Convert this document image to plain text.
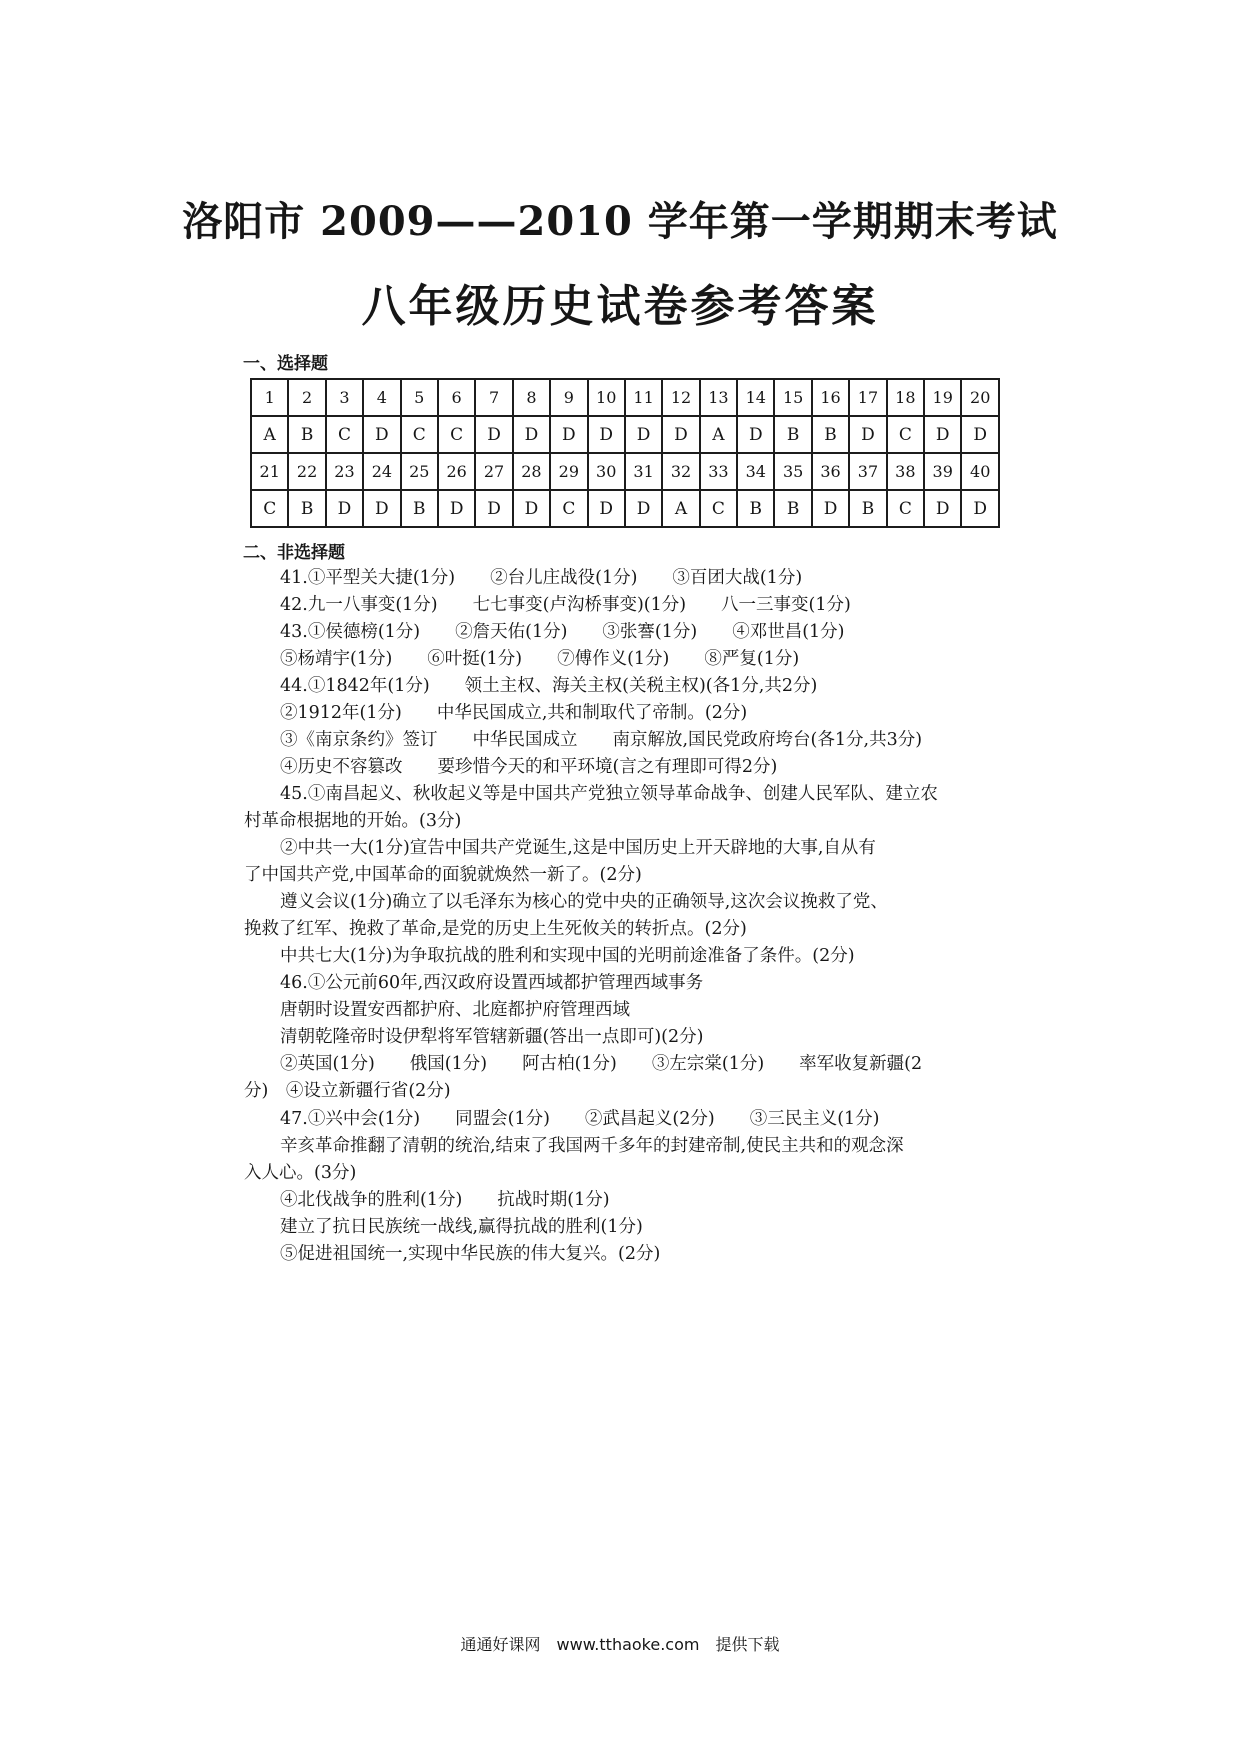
洛阳市 2009——2010 学年第一学期期末考试
八年级历史试卷参考答案
一、选择题
1	2	3	4	5	6	7	8	9	10	11	12	13	14	15	16	17	18	19	20
A	B	C	D	C	C	D	D	D	D	D	D	A	D	B	B	D	C	D	D
21	22	23	24	25	26	27	28	29	30	31	32	33	34	35	36	37	38	39	40
C	B	D	D	B	D	D	D	C	D	D	A	C	B	B	D	B	C	D	D
二、非选择题
41.①平型关大捷(1分)　　②台儿庄战役(1分)　　③百团大战(1分)
42.九一八事变(1分)　　七七事变(卢沟桥事变)(1分)　　八一三事变(1分)
43.①侯德榜(1分)　　②詹天佑(1分)　　③张謇(1分)　　④邓世昌(1分)
⑤杨靖宇(1分)　　⑥叶挺(1分)　　⑦傅作义(1分)　　⑧严复(1分)
44.①1842年(1分)　　领土主权、海关主权(关税主权)(各1分,共2分)
②1912年(1分)　　中华民国成立,共和制取代了帝制。(2分)
③《南京条约》签订　　中华民国成立　　南京解放,国民党政府垮台(各1分,共3分)
④历史不容篡改　　要珍惜今天的和平环境(言之有理即可得2分)
45.①南昌起义、秋收起义等是中国共产党独立领导革命战争、创建人民军队、建立农
村革命根据地的开始。(3分)
②中共一大(1分)宣告中国共产党诞生,这是中国历史上开天辟地的大事,自从有
了中国共产党,中国革命的面貌就焕然一新了。(2分)
遵义会议(1分)确立了以毛泽东为核心的党中央的正确领导,这次会议挽救了党、
挽救了红军、挽救了革命,是党的历史上生死攸关的转折点。(2分)
中共七大(1分)为争取抗战的胜利和实现中国的光明前途准备了条件。(2分)
46.①公元前60年,西汉政府设置西域都护管理西域事务
唐朝时设置安西都护府、北庭都护府管理西域
清朝乾隆帝时设伊犁将军管辖新疆(答出一点即可)(2分)
②英国(1分)　　俄国(1分)　　阿古柏(1分)　　③左宗棠(1分)　　率军收复新疆(2
分)　④设立新疆行省(2分)
47.①兴中会(1分)　　同盟会(1分)　　②武昌起义(2分)　　③三民主义(1分)
辛亥革命推翻了清朝的统治,结束了我国两千多年的封建帝制,使民主共和的观念深
入人心。(3分)
④北伐战争的胜利(1分)　　抗战时期(1分)
建立了抗日民族统一战线,赢得抗战的胜利(1分)
⑤促进祖国统一,实现中华民族的伟大复兴。(2分)
通通好课网　www.tthaoke.com　提供下载
